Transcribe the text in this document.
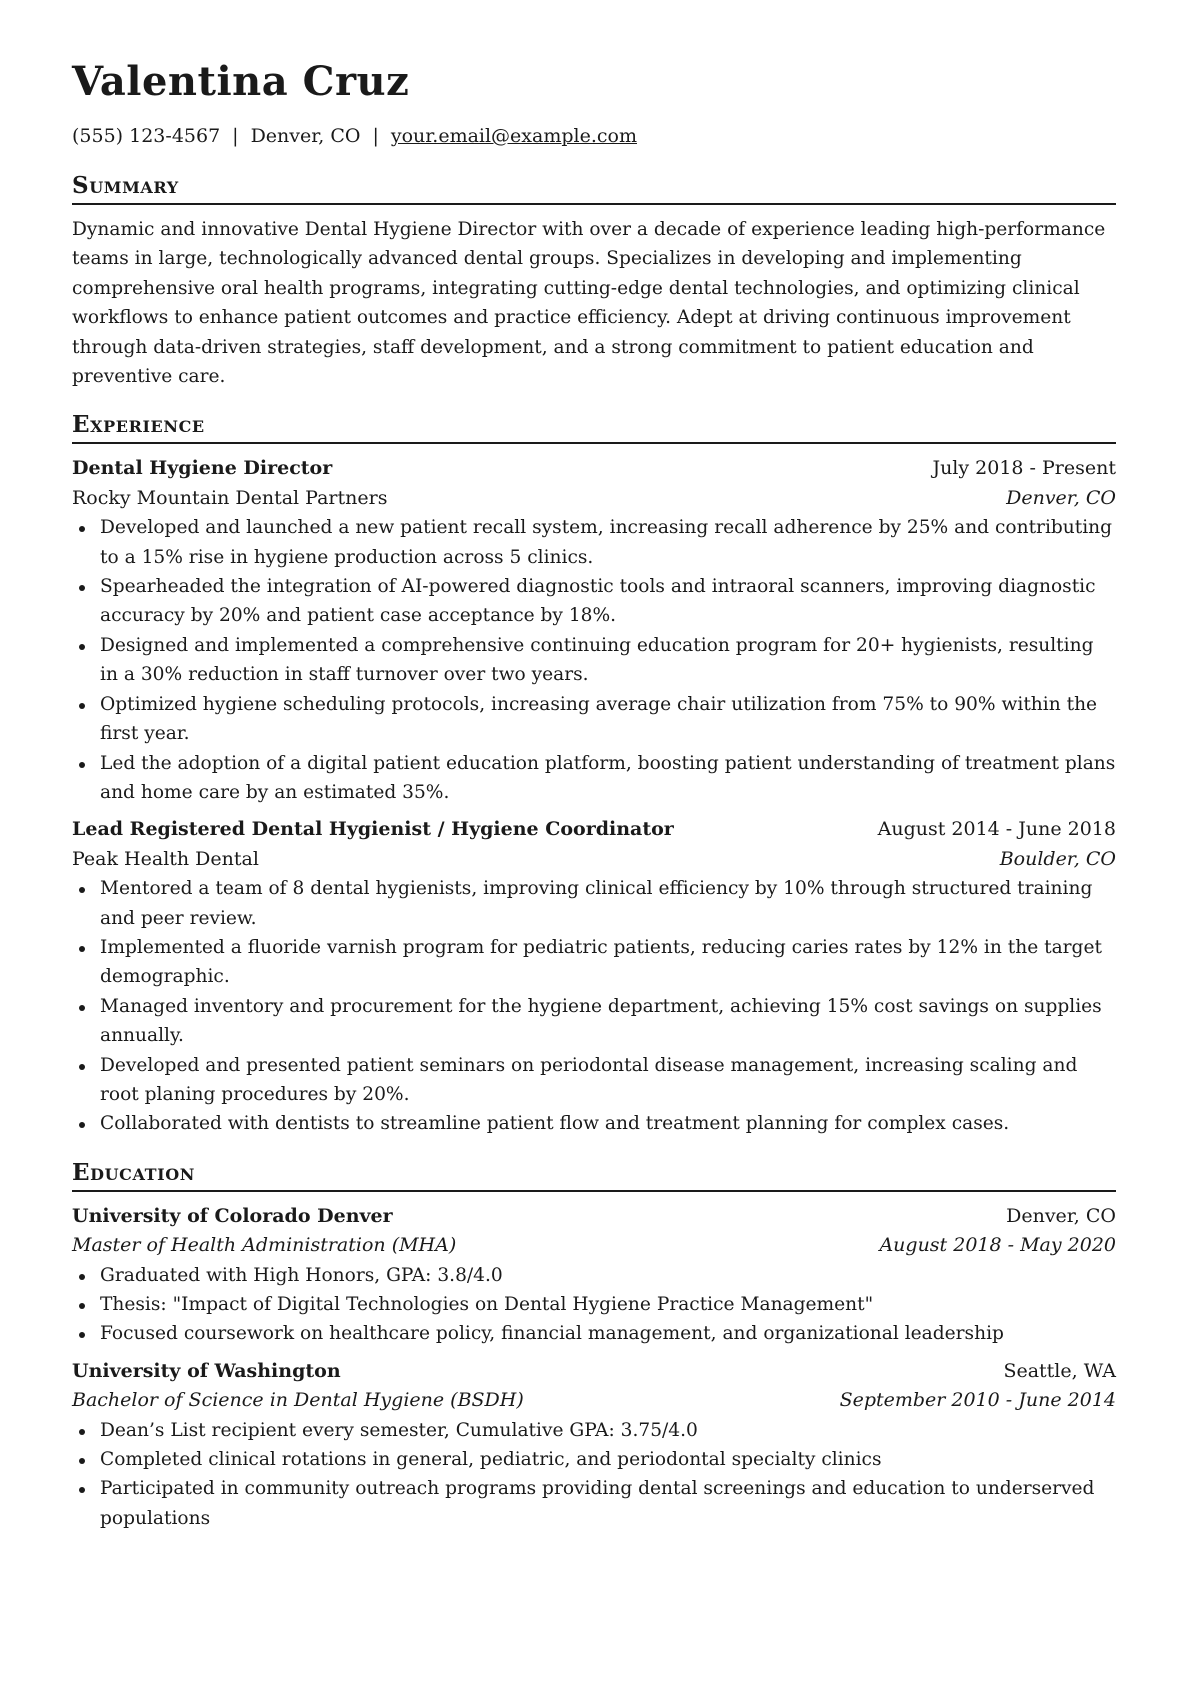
Valentina Cruz
(555) 123-4567 | Denver, CO | your.email@example.com
Summary
Dynamic and innovative Dental Hygiene Director with over a decade of experience leading high-performance teams in large, technologically advanced dental groups. Specializes in developing and implementing comprehensive oral health programs, integrating cutting-edge dental technologies, and optimizing clinical workflows to enhance patient outcomes and practice efficiency. Adept at driving continuous improvement through data-driven strategies, staff development, and a strong commitment to patient education and preventive care.
Experience
Dental Hygiene Director	July 2018 - Present
Rocky Mountain Dental Partners	Denver, CO
Developed and launched a new patient recall system, increasing recall adherence by 25% and contributing to a 15% rise in hygiene production across 5 clinics.
Spearheaded the integration of AI-powered diagnostic tools and intraoral scanners, improving diagnostic accuracy by 20% and patient case acceptance by 18%.
Designed and implemented a comprehensive continuing education program for 20+ hygienists, resulting in a 30% reduction in staff turnover over two years.
Optimized hygiene scheduling protocols, increasing average chair utilization from 75% to 90% within the first year.
Led the adoption of a digital patient education platform, boosting patient understanding of treatment plans and home care by an estimated 35%.
Lead Registered Dental Hygienist / Hygiene Coordinator	August 2014 - June 2018
Peak Health Dental	Boulder, CO
Mentored a team of 8 dental hygienists, improving clinical efficiency by 10% through structured training and peer review.
Implemented a fluoride varnish program for pediatric patients, reducing caries rates by 12% in the target demographic.
Managed inventory and procurement for the hygiene department, achieving 15% cost savings on supplies annually.
Developed and presented patient seminars on periodontal disease management, increasing scaling and root planing procedures by 20%.
Collaborated with dentists to streamline patient flow and treatment planning for complex cases.
Education
University of Colorado Denver	Denver, CO
Master of Health Administration (MHA)	August 2018 - May 2020
Graduated with High Honors, GPA: 3.8/4.0
Thesis: "Impact of Digital Technologies on Dental Hygiene Practice Management"
Focused coursework on healthcare policy, financial management, and organizational leadership
University of Washington	Seattle, WA
Bachelor of Science in Dental Hygiene (BSDH)	September 2010 - June 2014
Dean’s List recipient every semester, Cumulative GPA: 3.75/4.0
Completed clinical rotations in general, pediatric, and periodontal specialty clinics
Participated in community outreach programs providing dental screenings and education to underserved populations
